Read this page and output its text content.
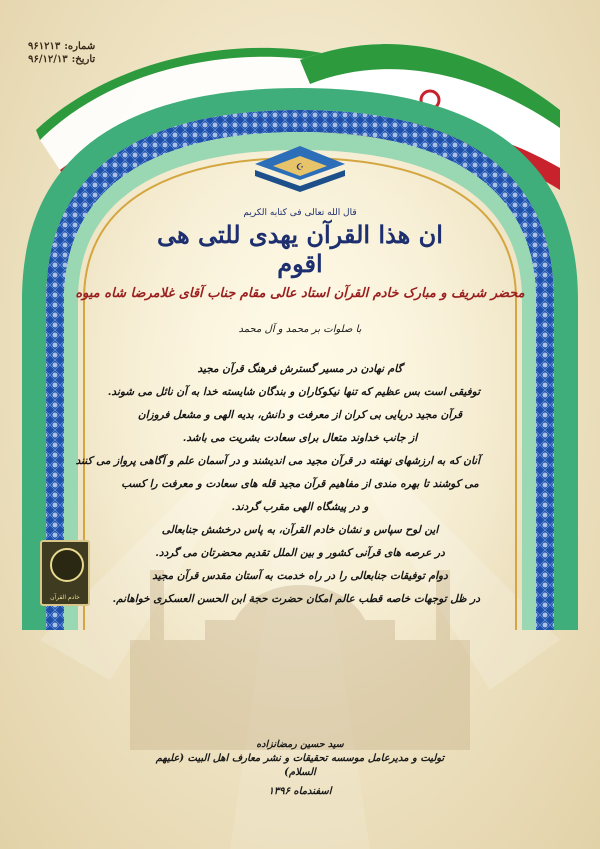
☪
شماره:
۹۶۱۲۱۳
تاریخ:
۹۶/۱۲/۱۳
قال الله تعالی فی کتابه الکریم
ان هذا القرآن یهدی للتی هی اقوم
محضر شریف و مبارک خادم القرآن استاد عالی مقام جناب آقای غلامرضا شاه میوه
با صلوات بر محمد و آل محمد
گام نهادن در مسیر گسترش فرهنگ قرآن مجید
توفیقی است بس عظیم که تنها نیکوکاران و بندگان شایسته خدا به آن نائل می شوند.
قرآن مجید دریایی بی کران از معرفت و دانش، بدیه الهی و مشعل فروزان
از جانب خداوند متعال برای سعادت بشریت می باشد.
آنان که به ارزشهای نهفته در قرآن مجید می اندیشند و در آسمان علم و آگاهی پرواز می کنند
می کوشند تا بهره مندی از مفاهیم قرآن مجید قله های سعادت و معرفت را کسب
و در پیشگاه الهی مقرب گردند.
این لوح سپاس و نشان خادم القرآن، به پاس درخشش جنابعالی
در عرصه های قرآنی کشور و بین الملل تقدیم محضرتان می گردد.
دوام توفیقات جنابعالی را در راه خدمت به آستان مقدس قرآن مجید
در ظل توجهات خاصه قطب عالم امکان حضرت حجة ابن الحسن العسکری خواهانم.
خادم القرآن
سید حسین رمضانزاده
تولیت و مدیرعامل موسسه تحقیقات و نشر معارف اهل البیت (علیهم السلام)
اسفندماه ۱۳۹۶
